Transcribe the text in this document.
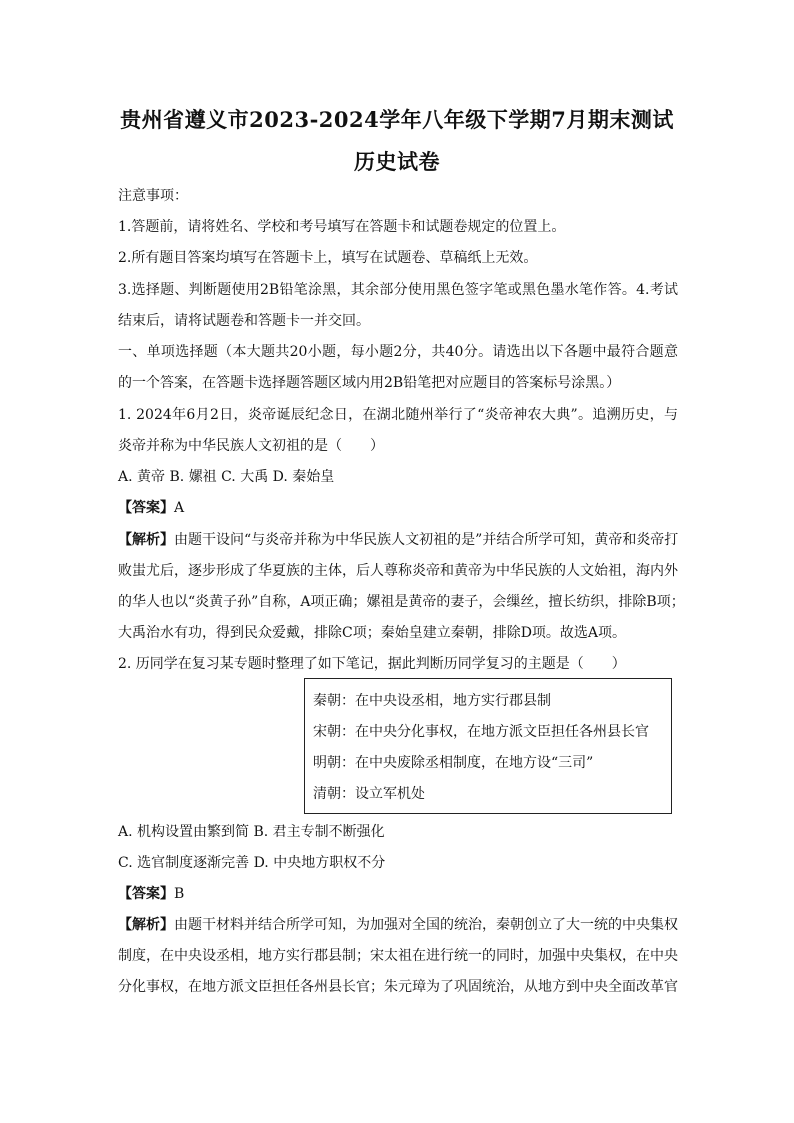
贵州省遵义市2023-2024学年八年级下学期7月期末测试
历史试卷
注意事项：
1.答题前，请将姓名、学校和考号填写在答题卡和试题卷规定的位置上。
2.所有题目答案均填写在答题卡上，填写在试题卷、草稿纸上无效。
3.选择题、判断题使用2B铅笔涂黑，其余部分使用黑色签字笔或黑色墨水笔作答。4.考试
结束后，请将试题卷和答题卡一并交回。
一、单项选择题（本大题共20小题，每小题2分，共40分。请选出以下各题中最符合题意
的一个答案，在答题卡选择题答题区域内用2B铅笔把对应题目的答案标号涂黑。）
1. 2024年6月2日，炎帝诞辰纪念日，在湖北随州举行了“炎帝神农大典”。追溯历史，与
炎帝并称为中华民族人文初祖的是（　　）
A. 黄帝 B. 嫘祖 C. 大禹 D. 秦始皇
【答案】A
【解析】由题干设问“与炎帝并称为中华民族人文初祖的是”并结合所学可知，黄帝和炎帝打
败蚩尤后，逐步形成了华夏族的主体，后人尊称炎帝和黄帝为中华民族的人文始祖，海内外
的华人也以“炎黄子孙”自称，A项正确；嫘祖是黄帝的妻子，会缫丝，擅长纺织，排除B项；
大禹治水有功，得到民众爱戴，排除C项；秦始皇建立秦朝，排除D项。故选A项。
2. 历同学在复习某专题时整理了如下笔记，据此判断历同学复习的主题是（　　）
秦朝：在中央设丞相，地方实行郡县制
宋朝：在中央分化事权，在地方派文臣担任各州县长官
明朝：在中央废除丞相制度，在地方设“三司”
清朝：设立军机处
A. 机构设置由繁到简 B. 君主专制不断强化
C. 选官制度逐渐完善 D. 中央地方职权不分
【答案】B
【解析】由题干材料并结合所学可知，为加强对全国的统治，秦朝创立了大一统的中央集权
制度，在中央设丞相，地方实行郡县制；宋太祖在进行统一的同时，加强中央集权，在中央
分化事权，在地方派文臣担任各州县长官；朱元璋为了巩固统治，从地方到中央全面改革官
